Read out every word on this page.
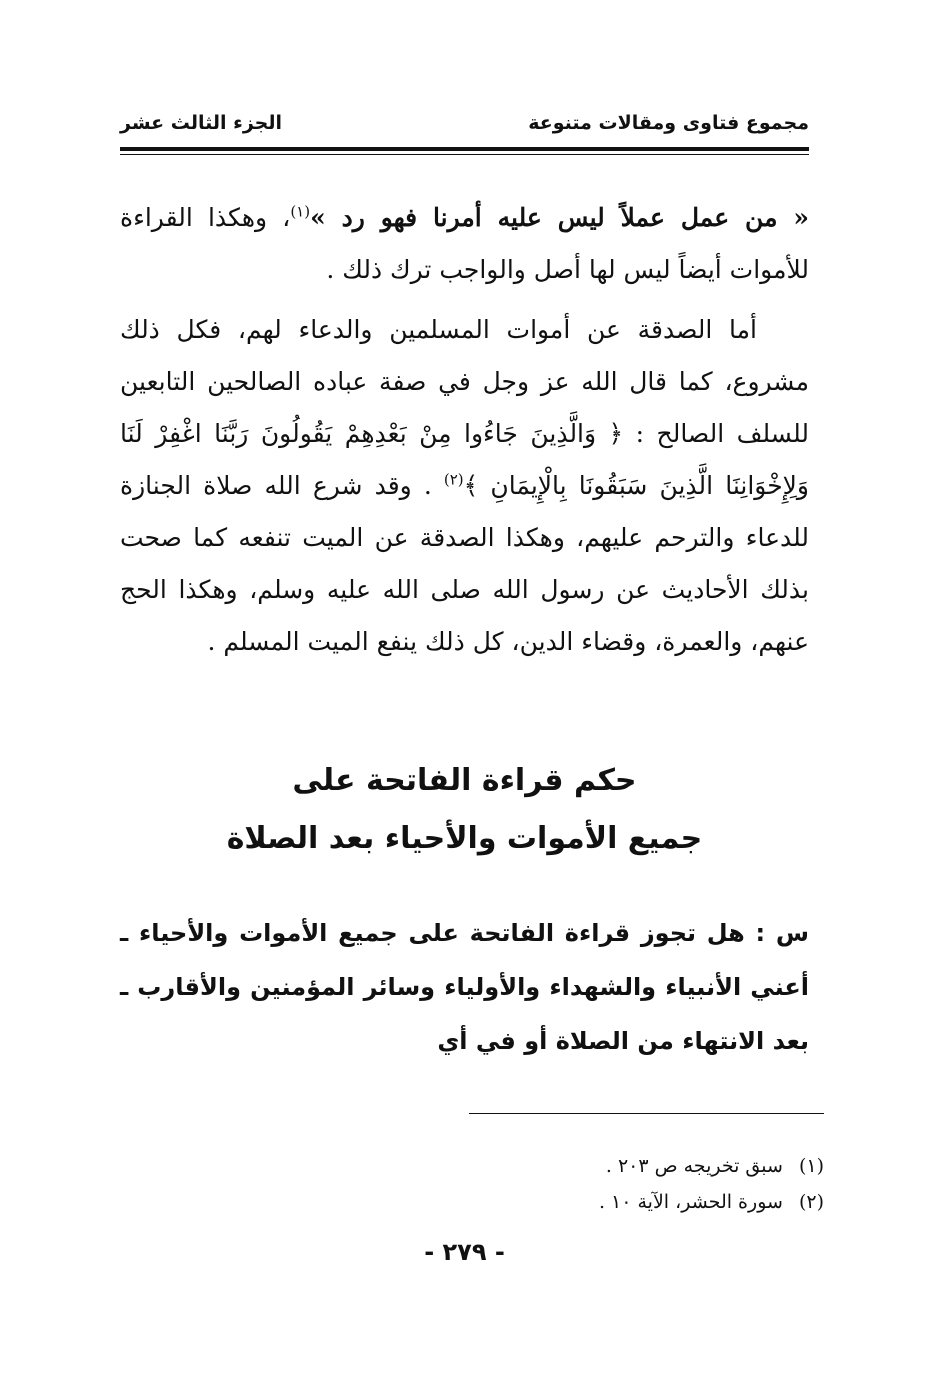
مجموع فتاوى ومقالات متنوعة
الجزء الثالث عشر

« من عمل عملاً ليس عليه أمرنا فهو رد »$^{(١)}$، وهكذا القراءة للأموات أيضاً ليس لها أصل والواجب ترك ذلك .

أما الصدقة عن أموات المسلمين والدعاء لهم، فكل ذلك مشروع، كما قال الله عز وجل في صفة عباده الصالحين التابعين للسلف الصالح : ﴿ وَالَّذِينَ جَاءُوا مِنْ بَعْدِهِمْ يَقُولُونَ رَبَّنَا اغْفِرْ لَنَا وَلِإِخْوَانِنَا الَّذِينَ سَبَقُونَا بِالْإِيمَانِ ﴾$^{(٢)}$ . وقد شرع الله صلاة الجنازة للدعاء والترحم عليهم، وهكذا الصدقة عن الميت تنفعه كما صحت بذلك الأحاديث عن رسول الله صلى الله عليه وسلم، وهكذا الحج عنهم، والعمرة، وقضاء الدين، كل ذلك ينفع الميت المسلم .

حكم قراءة الفاتحة على
جميع الأموات والأحياء بعد الصلاة
س : هل تجوز قراءة الفاتحة على جميع الأموات والأحياء ـ أعني الأنبياء والشهداء والأولياء وسائر المؤمنين والأقارب ـ بعد الانتهاء من الصلاة أو في أي
(١)
سبق تخريجه ص ٢٠٣ .
(٢)
سورة الحشر، الآية ١٠ .
- ٢٧٩ -
